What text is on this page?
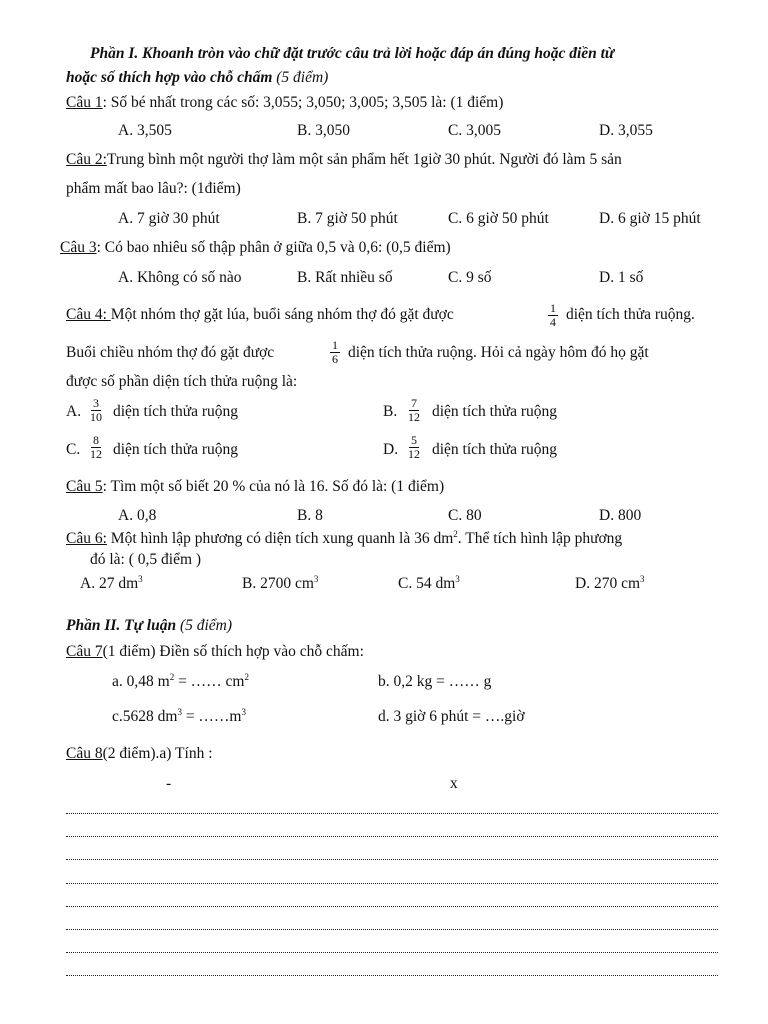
Phần I. Khoanh tròn vào chữ đặt trước câu trả lời hoặc đáp án đúng hoặc điền từ
hoặc số thích hợp vào chỗ chấm (5 điểm)
Câu 1: Số bé nhất trong các số: 3,055; 3,050; 3,005; 3,505 là: (1 điểm)
A. 3,505	B. 3,050	C. 3,005	D. 3,055
Câu 2:Trung bình một người thợ làm một sản phẩm hết 1giờ 30 phút. Người đó làm 5 sản
phẩm mất bao lâu?: (1điểm)
A. 7 giờ 30 phút	B. 7 giờ 50 phút	C. 6 giờ 50 phút	D. 6 giờ 15 phút
Câu 3: Có bao nhiêu số thập phân ở giữa 0,5 và 0,6: (0,5 điểm)
A. Không có số nào	B. Rất nhiều số	C. 9 số	D. 1 số
Câu 4: Một nhóm thợ gặt lúa, buổi sáng nhóm thợ đó gặt được	$\frac{1}{4}$ diện tích thửa ruộng.
Buổi chiều nhóm thợ đó gặt được	$\frac{1}{6}$ diện tích thửa ruộng. Hỏi cả ngày hôm đó họ gặt
được số phần diện tích thửa ruộng là:
A. $\frac{3}{10}$ diện tích thửa ruộng	B. $\frac{7}{12}$ diện tích thửa ruộng
C. $\frac{8}{12}$ diện tích thửa ruộng	D. $\frac{5}{12}$ diện tích thửa ruộng
Câu 5: Tìm một số biết 20 % của nó là 16. Số đó là: (1 điểm)
A. 0,8	B. 8	C. 80	D. 800
Câu 6: Một hình lập phương có diện tích xung quanh là 36 $dm^2$. Thể tích hình lập phương
đó là: ( 0,5 điểm )
A. 27 $dm^3$	B. 2700 $cm^3$	C. 54 $dm^3$	D. 270 $cm^3$
Phần II. Tự luận (5 điểm)
Câu 7(1 điểm) Điền số thích hợp vào chỗ chấm:
a. 0,48 $m^2$ = …… $cm^2$	b. 0,2 kg = …… g
c.5628 $dm^3$ = $\dots\dots m^3$	d. 3 giờ 6 phút = ….giờ
Câu 8(2 điểm).a) Tính :
-	x
